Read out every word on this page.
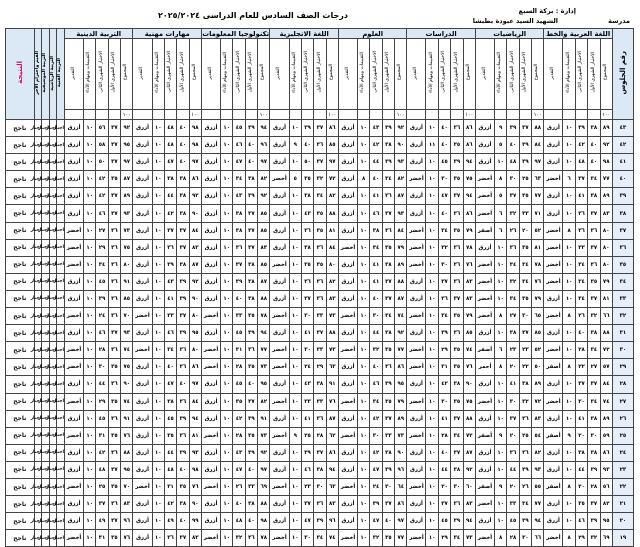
إدارة : بركة السبع
مدرسة
الشهيد السيد عبودة بطبشا
درجات الصف السادس للعام الدراسى ٢٠٢٥/٢٠٢٤
رقم الجلوس	اللغة العربية والخط					الرياضيات					الدراسات					العلوم					اللغة الانجليزية					تكنولوجيا المعلومات					مهارات مهنية					التربية الدينية					التربية الفنية	التربية الرياضية	التربية الموسيقية	القيم واحترام الآخر	النتيجة
	المجموع	الاختبار الشهرى الأول	الاختبار الشهرى الثانى	التقييمات ومهام الأداء	التقدير	المجموع	الاختبار الشهرى الأول	الاختبار الشهرى الثانى	التقييمات ومهام الأداء	التقدير	المجموع	الاختبار الشهرى الأول	الاختبار الشهرى الثانى	التقييمات ومهام الأداء	التقدير	المجموع	الاختبار الشهرى الأول	الاختبار الشهرى الثانى	التقييمات ومهام الأداء	التقدير	المجموع	الاختبار الشهرى الأول	الاختبار الشهرى الثانى	التقييمات ومهام الأداء	التقدير	المجموع	الاختبار الشهرى الأول	الاختبار الشهرى الثانى	التقييمات ومهام الأداء	التقدير	المجموع	الاختبار الشهرى الأول	الاختبار الشهرى الثانى	التقييمات ومهام الأداء	التقدير	المجموع	الاختبار الشهرى الأول	الاختبار الشهرى الثانى	التقييمات ومهام الأداء	التقدير					
	١٠٠					١٠٠					١٠٠					١٠٠					١٠٠					١٠٠					١٠٠					١٠٠									
٤٣	٨٩	٣٨	٣٩	١٠	أزرق	٨٨	٣٧	٣٩	٩	أزرق	٨٦	٣٦	٤٠	١٠	أزرق	٩٢	٣٩	٤٣	١٠	أزرق	٨٦	٣٧	٣٩	١٠	أزرق	٩٤	٣٩	٤٥	١٠	أزرق	٩٨	٤٠	٤٨	١٠	أزرق	٩٢	٣٧	٥٦	١٠	أزرق	اجتاز	اجتاز	اجتاز	اجتاز	ناجح
٤٢	٩٢	٤٠	٤٢	١٠	أزرق	٨٤	٣٩	٤٠	٥	أزرق	٨٦	٣٥	٤٠	١١	أزرق	٩٠	٣٨	٤٢	١٠	أزرق	٨٥	٣٦	٤٠	٩	أزرق	٩٦	٤٠	٤٦	١٠	أزرق	٩٨	٤٠	٤٨	١٠	أزرق	٩٥	٣٧	٥٨	١٠	أزرق	اجتاز	اجتاز	اجتاز	اجتاز	ناجح
٤١	٩٨	٤٠	٤٨	١٠	أزرق	٩٧	٣٩	٤٨	١٠	أزرق	٩٤	٣٩	٤٥	١٠	أزرق	٩٣	٣٩	٤٤	١٠	أزرق	٩٧	٣٧	٥٠	١٠	أزرق	٩٧	٤٠	٤٧	١٠	أزرق	٩٧	٤٠	٤٧	١٠	أزرق	٩٧	٣٧	٥٠	١٠	أزرق	اجتاز	اجتاز	اجتاز	اجتاز	ناجح
٤٠	٧٧	٣٤	٣٧	٦	أخضر	٦٣	٢٥	٣٠	٨	أخضر	٧٥	٣٥	٣٠	١٠	أخضر	٨٢	٣٤	٤٠	٨	أزرق	٧٢	٣٢	٣٥	٥	أخضر	٨٢	٣٨	٣٤	١٠	أزرق	٨٦	٣٨	٣٨	١٠	أزرق	٨٧	٣٥	٤٢	١٠	أزرق	اجتاز	اجتاز	اجتاز	اجتاز	ناجح
٣٩	٨٩	٣٨	٤١	١٠	أزرق	٧٧	٣٥	٣٧	٥	أخضر	٩٤	٣٧	٤٧	١٠	أزرق	٨٧	٣٦	٤١	١٠	أزرق	٨٢	٣٤	٣٨	١٠	أزرق	٩٢	٣٩	٤٣	١٠	أزرق	٩٢	٣٨	٤٤	١٠	أزرق	٨٩	٣٧	٤٢	١٠	أزرق	اجتاز	اجتاز	اجتاز	اجتاز	ناجح
٣٨	٨٣	٣٧	٣٦	١٠	أزرق	٧١	٣٣	٣٢	٦	أخضر	٨٦	٣٦	٤٠	١٠	أزرق	٩٣	٣٧	٤٦	١٠	أزرق	٨٨	٣٥	٤٣	١٠	أزرق	٨٥	٣٧	٣٨	١٠	أزرق	٩٠	٣٨	٤٢	١٠	أزرق	٩٣	٣٧	٤٦	١٠	أزرق	اجتاز	اجتاز	اجتاز	اجتاز	ناجح
٣٧	٨٠	٣٦	٣٦	٨	أخضر	٥٢	٢٠	٢٦	٦	أصفر	٧٩	٣٥	٣٤	١٠	أخضر	٨٤	٣٦	٣٨	١٠	أزرق	٨١	٣٥	٣٦	١٠	أزرق	٨٥	٣٧	٣٨	١٠	أزرق	٨٤	٣٧	٣٧	١٠	أزرق	٧٣	٣٦	٢٧	١٠	أخضر	اجتاز	اجتاز	اجتاز	اجتاز	ناجح
٣٦	٨٠	٣٧	٣٣	١٠	أخضر	٨١	٣٥	٣٦	١٠	أزرق	٧٨	٣٦	٣٢	١٠	أخضر	٧٩	٣٥	٣٤	١٠	أخضر	٨٤	٣٦	٣٨	١٠	أزرق	٨٣	٣٧	٣٦	١٠	أزرق	٨٣	٣٧	٣٦	١٠	أزرق	٧٥	٣٦	٢٩	١٠	أخضر	اجتاز	اجتاز	اجتاز	اجتاز	ناجح
٣٥	٨٠	٣٦	٣٤	١٠	أخضر	٧٨	٣٤	٣٤	١٠	أخضر	٧٦	٣٦	٣٠	١٠	أخضر	٨٩	٣٨	٤١	١٠	أزرق	٨٠	٣٥	٣٥	١٠	أخضر	٨٥	٣٨	٣٧	١٠	أزرق	٨٧	٣٨	٣٩	١٠	أزرق	٨٠	٣٦	٣٤	١٠	أخضر	اجتاز	اجتاز	اجتاز	اجتاز	ناجح
٣٤	٧٩	٣٥	٣٤	١٠	أخضر	٧٦	٣٤	٣٢	١٠	أخضر	٨٣	٣٦	٣٧	١٠	أزرق	٨٨	٣٧	٤١	١٠	أزرق	٨٢	٣٦	٣٦	١٠	أزرق	٨٧	٣٨	٣٩	١٠	أزرق	٩٢	٣٩	٤٣	١٠	أزرق	٩١	٣٦	٤٥	١٠	أزرق	اجتاز	اجتاز	اجتاز	اجتاز	ناجح
٣٣	٨١	٣٧	٣٤	١٠	أزرق	٧٩	٣٥	٣٤	١٠	أخضر	٨٣	٣٧	٣٦	١٠	أزرق	٨٧	٣٧	٤٠	١٠	أزرق	٨٣	٣٦	٣٧	١٠	أزرق	٨٨	٣٨	٤٠	١٠	أزرق	٩٠	٣٩	٤١	١٠	أزرق	٨٥	٣٦	٣٩	١٠	أزرق	اجتاز	اجتاز	اجتاز	اجتاز	ناجح
٣٢	٦٦	٣٢	٢٦	٨	أخضر	٦٥	٣٠	٢٧	٨	أخضر	٧٩	٣٥	٣٤	١٠	أخضر	٧٤	٣٤	٣٠	١٠	أخضر	٧٣	٣٣	٣٠	١٠	أخضر	٧٨	٣٥	٣٣	١٠	أخضر	٨٠	٣٧	٣٣	١٠	أخضر	٧٠	٣٦	٢٤	١٠	أخضر	اجتاز	اجتاز	اجتاز	اجتاز	ناجح
٣١	٨٨	٣٨	٤٠	١٠	أزرق	٨٥	٣٧	٣٨	١٠	أزرق	٨٥	٣٦	٣٩	١٠	أزرق	٩٢	٣٨	٤٤	١٠	أزرق	٨٨	٣٧	٤١	١٠	أزرق	٩٤	٣٩	٤٥	١٠	أزرق	٩٥	٣٩	٤٦	١٠	أزرق	٩٣	٣٧	٤٦	١٠	أزرق	اجتاز	اجتاز	اجتاز	اجتاز	ناجح
٣٠	٧٢	٣٤	٢٨	١٠	أخضر	٥٢	٢٣	٢٣	٦	أصفر	٧٤	٣٥	٢٩	١٠	أخضر	٧٧	٣٥	٣٢	١٠	أخضر	٧٣	٣٣	٣٠	١٠	أخضر	٧٧	٣٦	٣١	١٠	أخضر	٨٠	٣٦	٣٤	١٠	أخضر	٧٤	٣٦	٢٨	١٠	أخضر	اجتاز	اجتاز	اجتاز	اجتاز	ناجح
٢٩	٥٧	٢٧	٢٢	٨	أصفر	٥٠	٢٢	٢٠	٨	أحمر	٧٦	٣٥	٣١	١٠	أخضر	٨٦	٣٦	٤٠	١٠	أزرق	٦٣	٢٩	٢٤	١٠	أخضر	٧٣	٣٥	٢٨	١٠	أخضر	٨٦	٣٦	٤٠	١٠	أزرق	٧٥	٣٥	٣٠	١٠	أخضر	اجتاز	اجتاز	اجتاز	اجتاز	ناجح
٢٨	٨٤	٣٧	٣٧	١٠	أزرق	٨٩	٣٨	٤١	١٠	أزرق	٩٠	٣٨	٤٢	١٠	أزرق	٩٥	٣٩	٤٦	١٠	أزرق	٩١	٣٨	٤٣	١٠	أزرق	٩٥	٤٠	٤٥	١٠	أزرق	٩٧	٤٠	٤٧	١٠	أزرق	٩٠	٣٦	٤٤	١٠	أزرق	اجتاز	اجتاز	اجتاز	اجتاز	ناجح
٢٧	٧٤	٣٤	٣٠	١٠	أخضر	٧٢	٣٢	٣٠	١٠	أخضر	٧٥	٣٥	٣٠	١٠	أخضر	٧٩	٣٥	٣٤	١٠	أخضر	٧٦	٣٣	٣٣	١٠	أخضر	٨٢	٣٧	٣٥	١٠	أزرق	٨٤	٣٦	٣٨	١٠	أزرق	٧٤	٣٥	٢٩	١٠	أخضر	اجتاز	اجتاز	اجتاز	اجتاز	ناجح
٢٦	٨٩	٣٨	٤١	١٠	أزرق	٨٣	٣٦	٣٧	١٠	أزرق	٨٨	٣٧	٤١	١٠	أزرق	٨٩	٣٧	٤٢	١٠	أزرق	٨٧	٣٦	٤١	١٠	أزرق	٩١	٣٩	٤٢	١٠	أزرق	٩٤	٣٩	٤٥	١٠	أزرق	٩١	٣٦	٤٥	١٠	أزرق	اجتاز	اجتاز	اجتاز	اجتاز	ناجح
٢٥	٥٩	٣٠	٢٠	٩	أصفر	٥٤	٢٥	٢٠	٩	أصفر	٧٢	٣٤	٢٨	١٠	أخضر	٧٣	٣٣	٣٠	١٠	أخضر	٦٢	٢٨	٢٥	٩	أخضر	٧٣	٣٥	٢٨	١٠	أخضر	٨١	٣٦	٣٥	١٠	أزرق	٧٦	٣٥	٣١	١٠	أخضر	اجتاز	اجتاز	اجتاز	اجتاز	ناجح
٢٤	٨٦	٣٨	٣٨	١٠	أزرق	٨٢	٣٦	٣٦	١٠	أزرق	٨٧	٣٧	٤٠	١٠	أزرق	٩٠	٣٨	٤٢	١٠	أزرق	٨٦	٣٧	٣٩	١٠	أزرق	٩٢	٣٩	٤٣	١٠	أزرق	٩٣	٣٩	٤٤	١٠	أزرق	٨٨	٣٦	٤٢	١٠	أزرق	اجتاز	اجتاز	اجتاز	اجتاز	ناجح
٢٣	٩٣	٣٩	٤٤	١٠	أزرق	٩٣	٣٩	٤٤	١٠	أزرق	٩٢	٣٨	٤٤	١٠	أزرق	٩٦	٣٩	٤٧	١٠	أزرق	٩٤	٣٨	٤٦	١٠	أزرق	٩٧	٤٠	٤٧	١٠	أزرق	٩٨	٤٠	٤٨	١٠	أزرق	٩٥	٣٧	٤٨	١٠	أزرق	اجتاز	اجتاز	اجتاز	اجتاز	ناجح
٢٢	٥٦	٢٨	٢٠	٨	أصفر	٥٥	٢٦	٢٠	٩	أصفر	٦٠	٣٠	٢٠	١٠	أخضر	٦٤	٣٠	٢٤	١٠	أخضر	٦٣	٣٠	٢٣	١٠	أخضر	٦٩	٣٣	٢٦	١٠	أخضر	٧٦	٣٥	٣١	١٠	أخضر	٧٠	٣٥	٢٥	١٠	أخضر	اجتاز	اجتاز	اجتاز	اجتاز	ناجح
٢١	٨٢	٣٧	٣٥	١٠	أزرق	٧٧	٣٤	٣٣	١٠	أخضر	٨٣	٣٦	٣٧	١٠	أزرق	٨٦	٣٧	٣٩	١٠	أزرق	٨٣	٣٦	٣٧	١٠	أزرق	٨٨	٣٨	٤٠	١٠	أزرق	٩٠	٣٨	٤٢	١٠	أزرق	٨٣	٣٦	٣٧	١٠	أزرق	اجتاز	اجتاز	اجتاز	اجتاز	ناجح
٢٠	٩٥	٣٩	٤٦	١٠	أزرق	٩٤	٣٩	٤٥	١٠	أزرق	٩٤	٣٩	٤٥	١٠	أزرق	٩٧	٤٠	٤٧	١٠	أزرق	٩٦	٣٩	٤٧	١٠	أزرق	٩٨	٤٠	٤٨	١٠	أزرق	٩٩	٤٠	٤٩	١٠	أزرق	٩٦	٣٧	٤٩	١٠	أزرق	اجتاز	اجتاز	اجتاز	اجتاز	ناجح
١٩	٦٩	٣٢	٢٩	٨	أخضر	٦٦	٣٠	٢٨	٨	أخضر	٧٣	٣٤	٢٩	١٠	أخضر	٧٧	٣٥	٣٢	١٠	أخضر	٧٤	٣٤	٣٠	١٠	أخضر	٧٨	٣٦	٣٢	١٠	أخضر	٨٣	٣٧	٣٦	١٠	أزرق	٧٦	٣٥	٣١	١٠	أخضر	اجتاز	اجتاز	اجتاز	اجتاز	ناجح
